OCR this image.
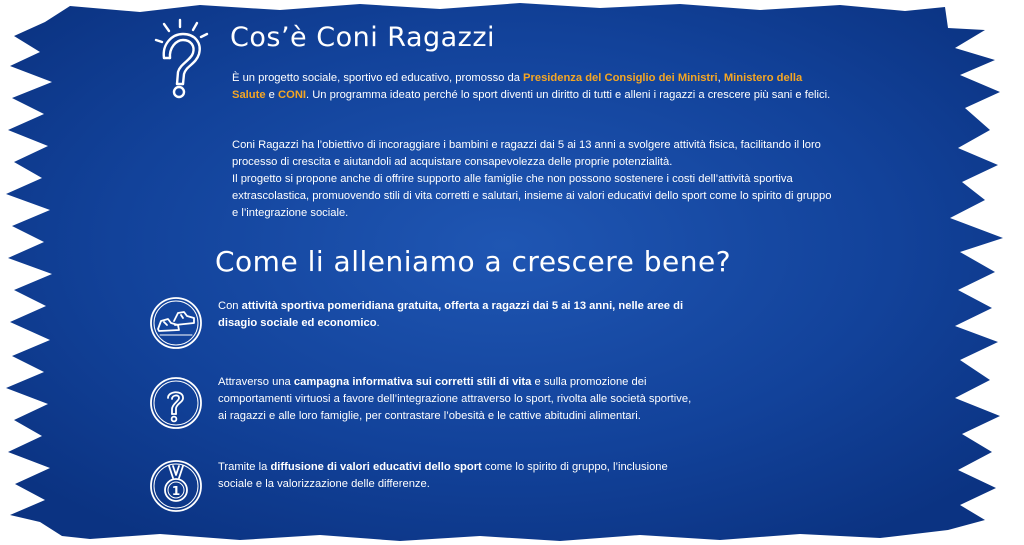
Cos’è Coni Ragazzi

È un progetto sociale, sportivo ed educativo, promosso da Presidenza del Consiglio dei Ministri, Ministero della Salute e CONI. Un programma ideato perché lo sport diventi un diritto di tutti e alleni i ragazzi a crescere più sani e felici.

Coni Ragazzi ha l’obiettivo di incoraggiare i bambini e ragazzi dai 5 ai 13 anni a svolgere attività fisica, facilitando il loro processo di crescita e aiutandoli ad acquistare consapevolezza delle proprie potenzialità.
Il progetto si propone anche di offrire supporto alle famiglie che non possono sostenere i costi dell’attività sportiva extrascolastica, promuovendo stili di vita corretti e salutari, insieme ai valori educativi dello sport come lo spirito di gruppo e l’integrazione sociale.

Come li alleniamo a crescere bene?

Con attività sportiva pomeridiana gratuita, offerta a ragazzi dai 5 ai 13 anni, nelle aree di disagio sociale ed economico.

Attraverso una campagna informativa sui corretti stili di vita e sulla promozione dei comportamenti virtuosi a favore dell’integrazione attraverso lo sport, rivolta alle società sportive, ai ragazzi e alle loro famiglie, per contrastare l’obesità e le cattive abitudini alimentari.

1

Tramite la diffusione di valori educativi dello sport come lo spirito di gruppo, l’inclusione sociale e la valorizzazione delle differenze.
